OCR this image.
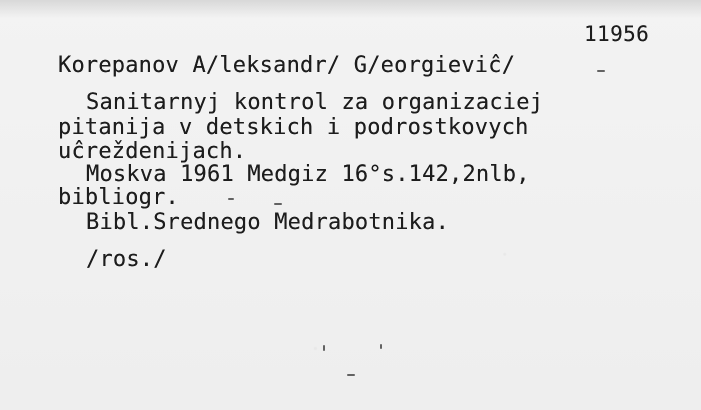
11956
Korepanov A/leksandr/ G/eorgieviĉ/
Sanitarnyj kontrol za organizaciej
pitanija v detskich i podrostkovych
uĉreždenijach.
Moskva 1961 Medgiz 16°s.142,2nlb,
bibliogr.
Bibl.Srednego Medrabotnika.
/ros./
